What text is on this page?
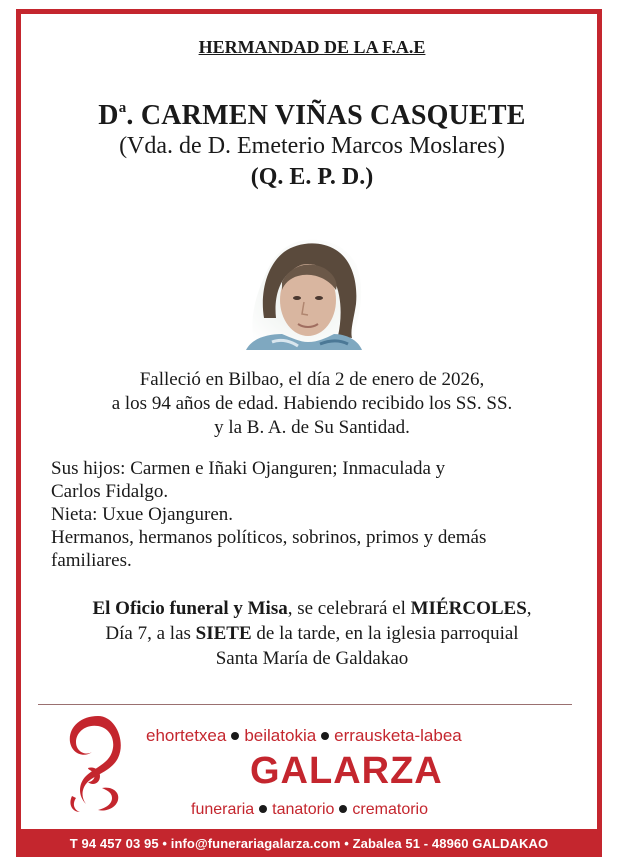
HERMANDAD DE LA F.A.E
$D^a$. CARMEN VIÑAS CASQUETE
(Vda. de D. Emeterio Marcos Moslares)
(Q. E. P. D.)
Falleció en Bilbao, el día 2 de enero de 2026,
a los 94 años de edad. Habiendo recibido los SS. SS.
y la B. A. de Su Santidad.
Sus hijos: Carmen e Iñaki Ojanguren; Inmaculada y
Carlos Fidalgo.
Nieta: Uxue Ojanguren.
Hermanos, hermanos políticos, sobrinos, primos y demás
familiares.
El Oficio funeral y Misa, se celebrará el MIÉRCOLES,
Día 7, a las SIETE de la tarde, en la iglesia parroquial
Santa María de Galdakao
ehortetxea beilatokia errausketa-labea
GALARZA
funeraria tanatorio crematorio
T 94 457 03 95 • info@funerariagalarza.com • Zabalea 51 - 48960 GALDAKAO
